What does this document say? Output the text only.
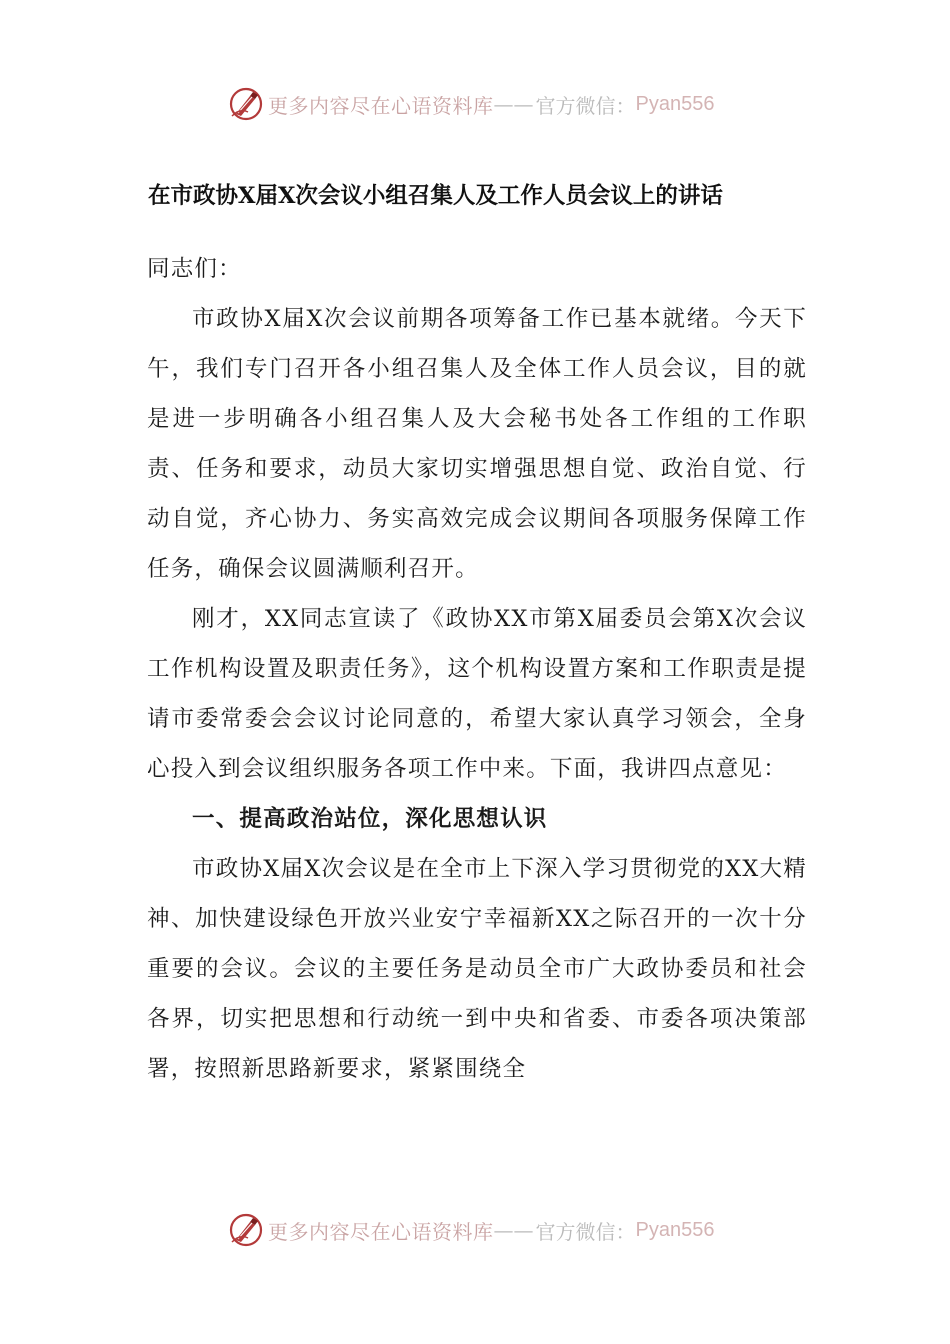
更多内容尽在心语资料库 —— 官方微信： Pyan556
在市政协X届X次会议小组召集人及工作人员会议上的讲话

同志们：

市政协X届X次会议前期各项筹备工作已基本就绪。今天下午，我们专门召开各小组召集人及全体工作人员会议，目的就是进一步明确各小组召集人及大会秘书处各工作组的工作职责、任务和要求，动员大家切实增强思想自觉、政治自觉、行动自觉，齐心协力、务实高效完成会议期间各项服务保障工作任务，确保会议圆满顺利召开。

刚才，XX同志宣读了《政协XX市第X届委员会第X次会议工作机构设置及职责任务》，这个机构设置方案和工作职责是提请市委常委会会议讨论同意的，希望大家认真学习领会，全身心投入到会议组织服务各项工作中来。下面，我讲四点意见：

一、提高政治站位，深化思想认识

市政协X届X次会议是在全市上下深入学习贯彻党的XX大精神、加快建设绿色开放兴业安宁幸福新XX之际召开的一次十分重要的会议。会议的主要任务是动员全市广大政协委员和社会各界，切实把思想和行动统一到中央和省委、市委各项决策部署，按照新思路新要求，紧紧围绕全

更多内容尽在心语资料库 —— 官方微信： Pyan556
